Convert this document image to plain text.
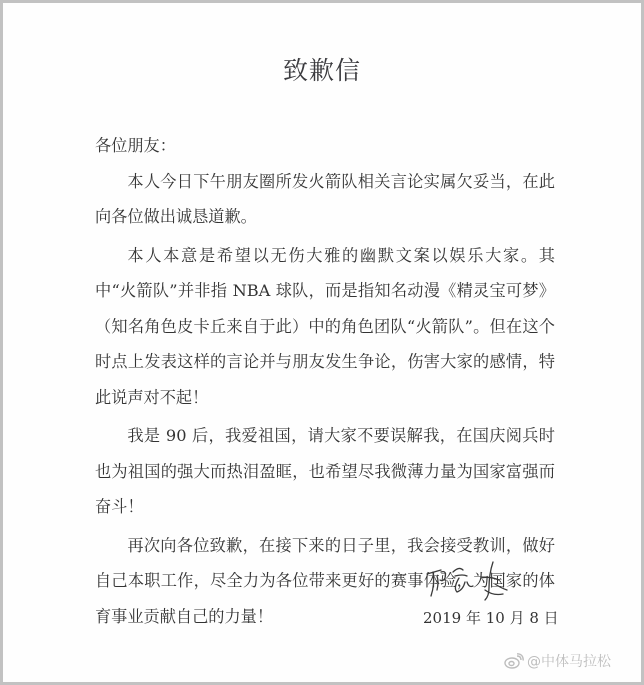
致歉信

各位朋友：

本人今日下午朋友圈所发火箭队相关言论实属欠妥当，在此向各位做出诚恳道歉。

本人本意是希望以无伤大雅的幽默文案以娱乐大家。其中“火箭队”并非指 NBA 球队，而是指知名动漫《精灵宝可梦》（知名角色皮卡丘来自于此）中的角色团队“火箭队”。但在这个时点上发表这样的言论并与朋友发生争论，伤害大家的感情，特此说声对不起！

我是 90 后，我爱祖国，请大家不要误解我，在国庆阅兵时也为祖国的强大而热泪盈眶，也希望尽我微薄力量为国家富强而奋斗！

再次向各位致歉，在接下来的日子里，我会接受教训，做好自己本职工作，尽全力为各位带来更好的赛事体验，为国家的体育事业贡献自己的力量！	2019 年 10 月 8 日
@中体马拉松
